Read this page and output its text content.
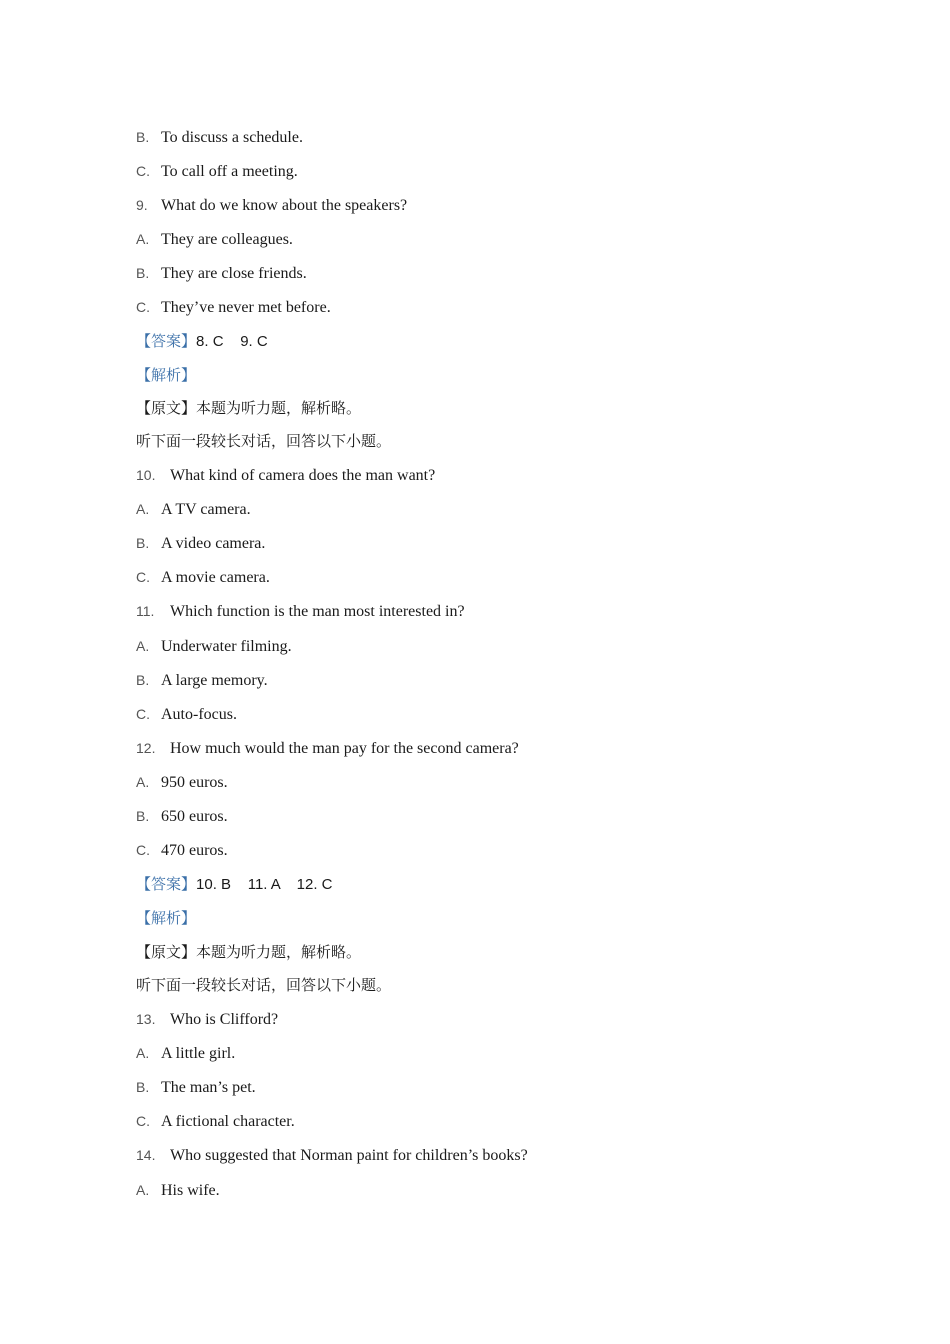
B. To discuss a schedule.
C. To call off a meeting.
9. What do we know about the speakers?
A. They are colleagues.
B. They are close friends.
C. They’ve never met before.
【答案】8. C    9. C
【解析】
【原文】本题为听力题，解析略。
听下面一段较长对话，回答以下小题。
10. What kind of camera does the man want?
A. A TV camera.
B. A video camera.
C. A movie camera.
11. Which function is the man most interested in?
A. Underwater filming.
B. A large memory.
C. Auto-focus.
12. How much would the man pay for the second camera?
A. 950 euros.
B. 650 euros.
C. 470 euros.
【答案】10. B    11. A    12. C
【解析】
【原文】本题为听力题，解析略。
听下面一段较长对话，回答以下小题。
13. Who is Clifford?
A. A little girl.
B. The man’s pet.
C. A fictional character.
14. Who suggested that Norman paint for children’s books?
A. His wife.
